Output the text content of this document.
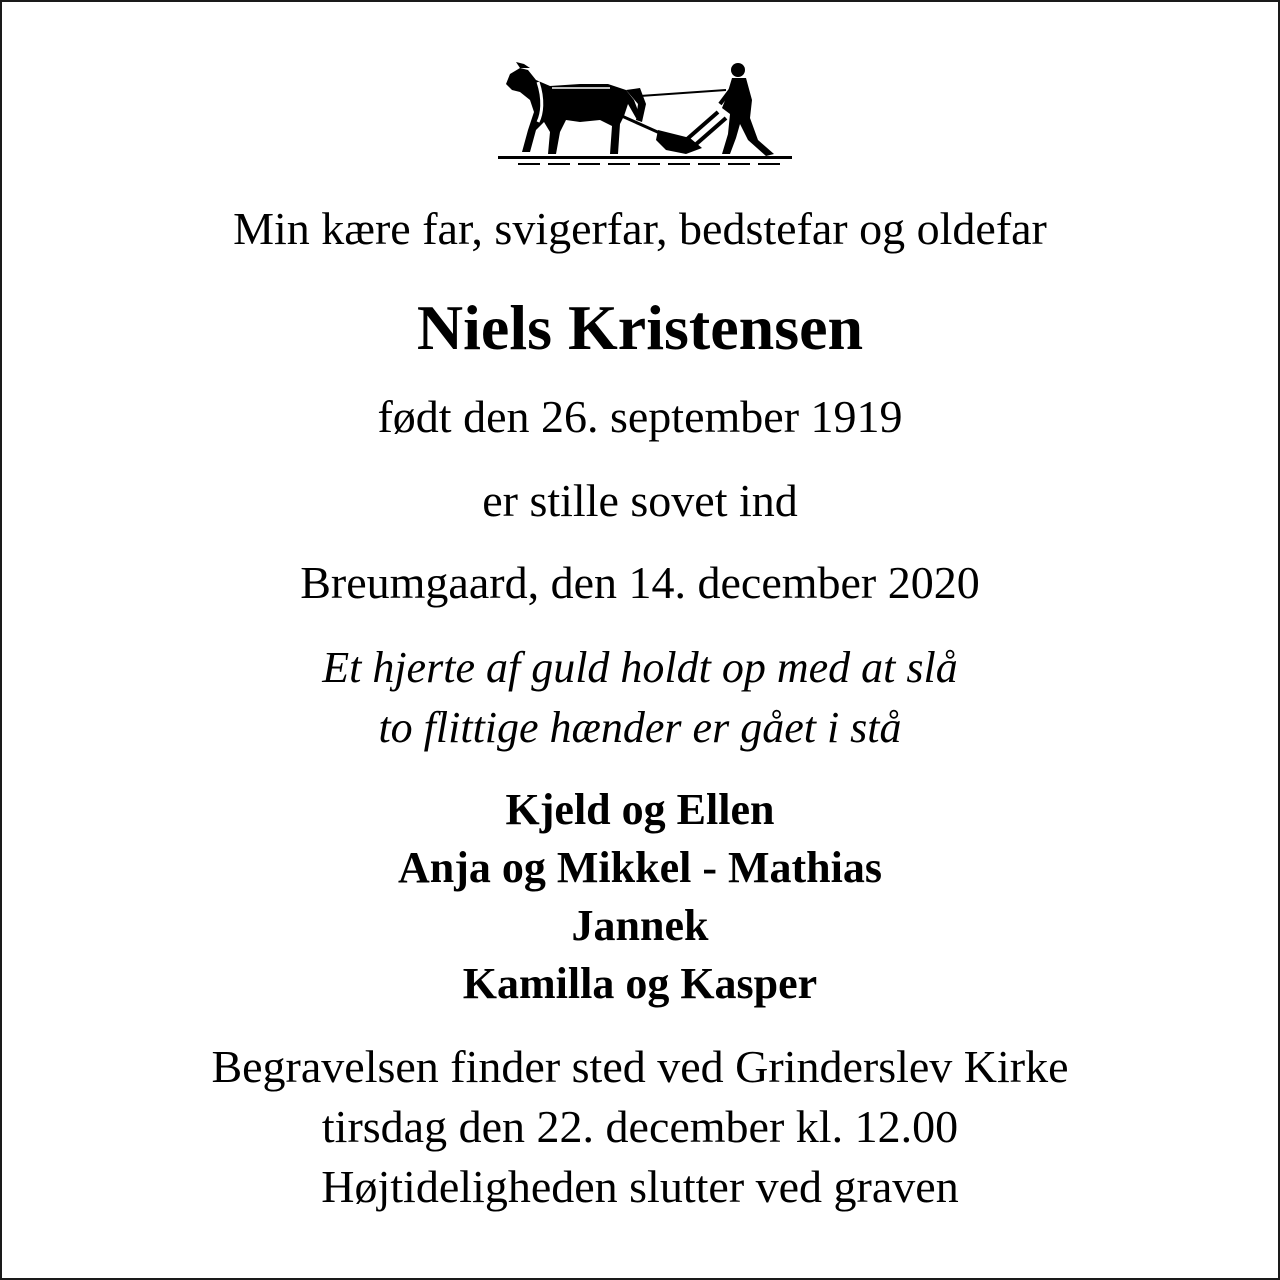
Min kære far, svigerfar, bedstefar og oldefar
Niels Kristensen
født den 26. september 1919
er stille sovet ind
Breumgaard, den 14. december 2020
Et hjerte af guld holdt op med at slå
to flittige hænder er gået i stå
Kjeld og Ellen
Anja og Mikkel - Mathias
Jannek
Kamilla og Kasper
Begravelsen finder sted ved Grinderslev Kirke
tirsdag den 22. december kl. 12.00
Højtideligheden slutter ved graven
